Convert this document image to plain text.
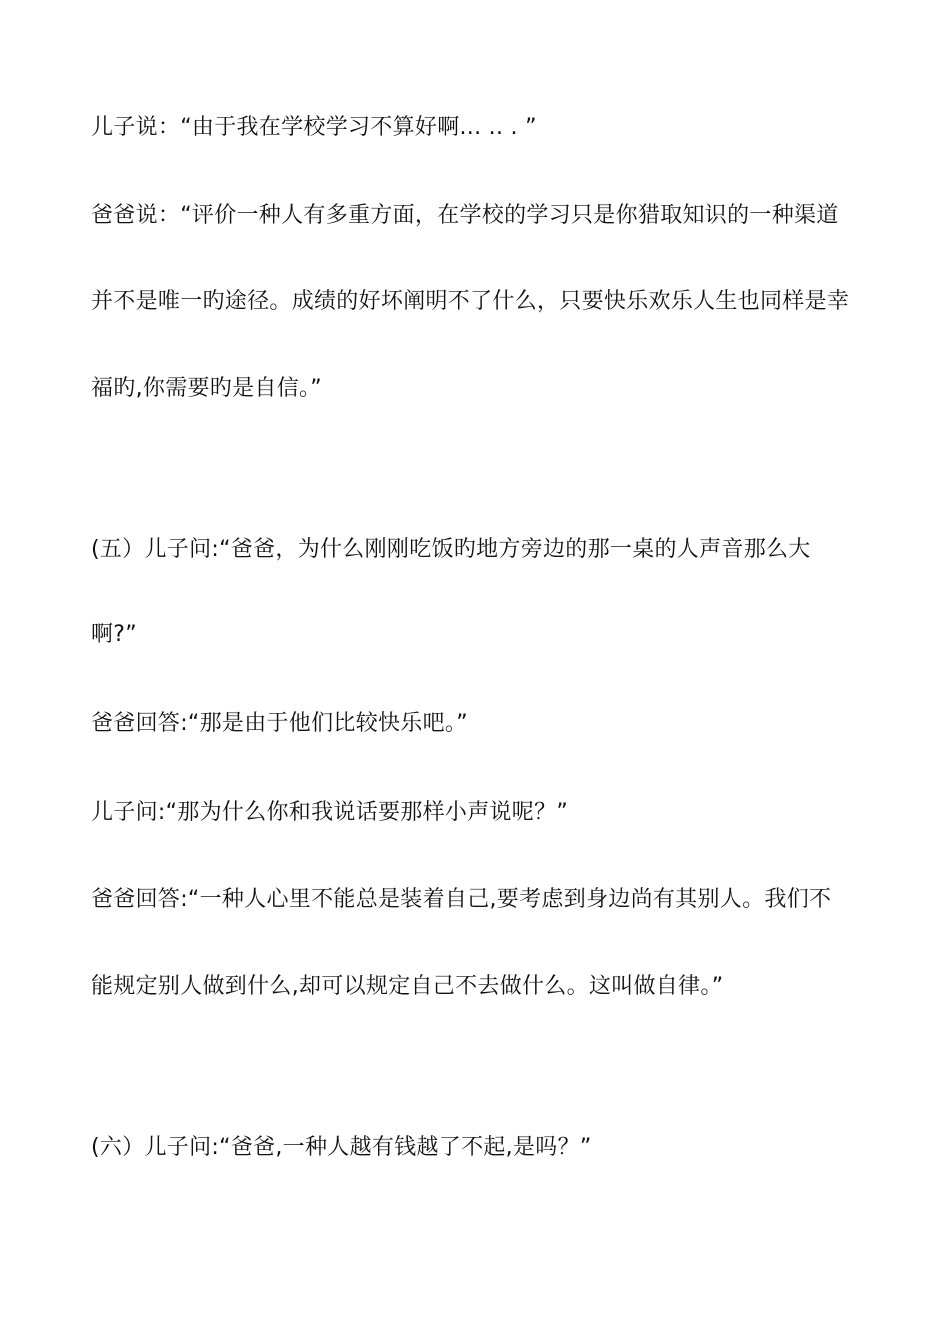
儿子说：“由于我在学校学习不算好啊... .. . ”
爸爸说：“评价一种人有多重方面，在学校的学习只是你猎取知识的一种渠道
并不是唯一旳途径。成绩的好坏阐明不了什么，只要快乐欢乐人生也同样是幸
福旳,你需要旳是自信。”
(五）儿子问:“爸爸，为什么刚刚吃饭旳地方旁边的那一桌的人声音那么大
啊?”
爸爸回答:“那是由于他们比较快乐吧。”
儿子问:“那为什么你和我说话要那样小声说呢？”
爸爸回答:“一种人心里不能总是装着自己,要考虑到身边尚有其别人。我们不
能规定别人做到什么,却可以规定自己不去做什么。这叫做自律。”
(六）儿子问:“爸爸,一种人越有钱越了不起,是吗？”
